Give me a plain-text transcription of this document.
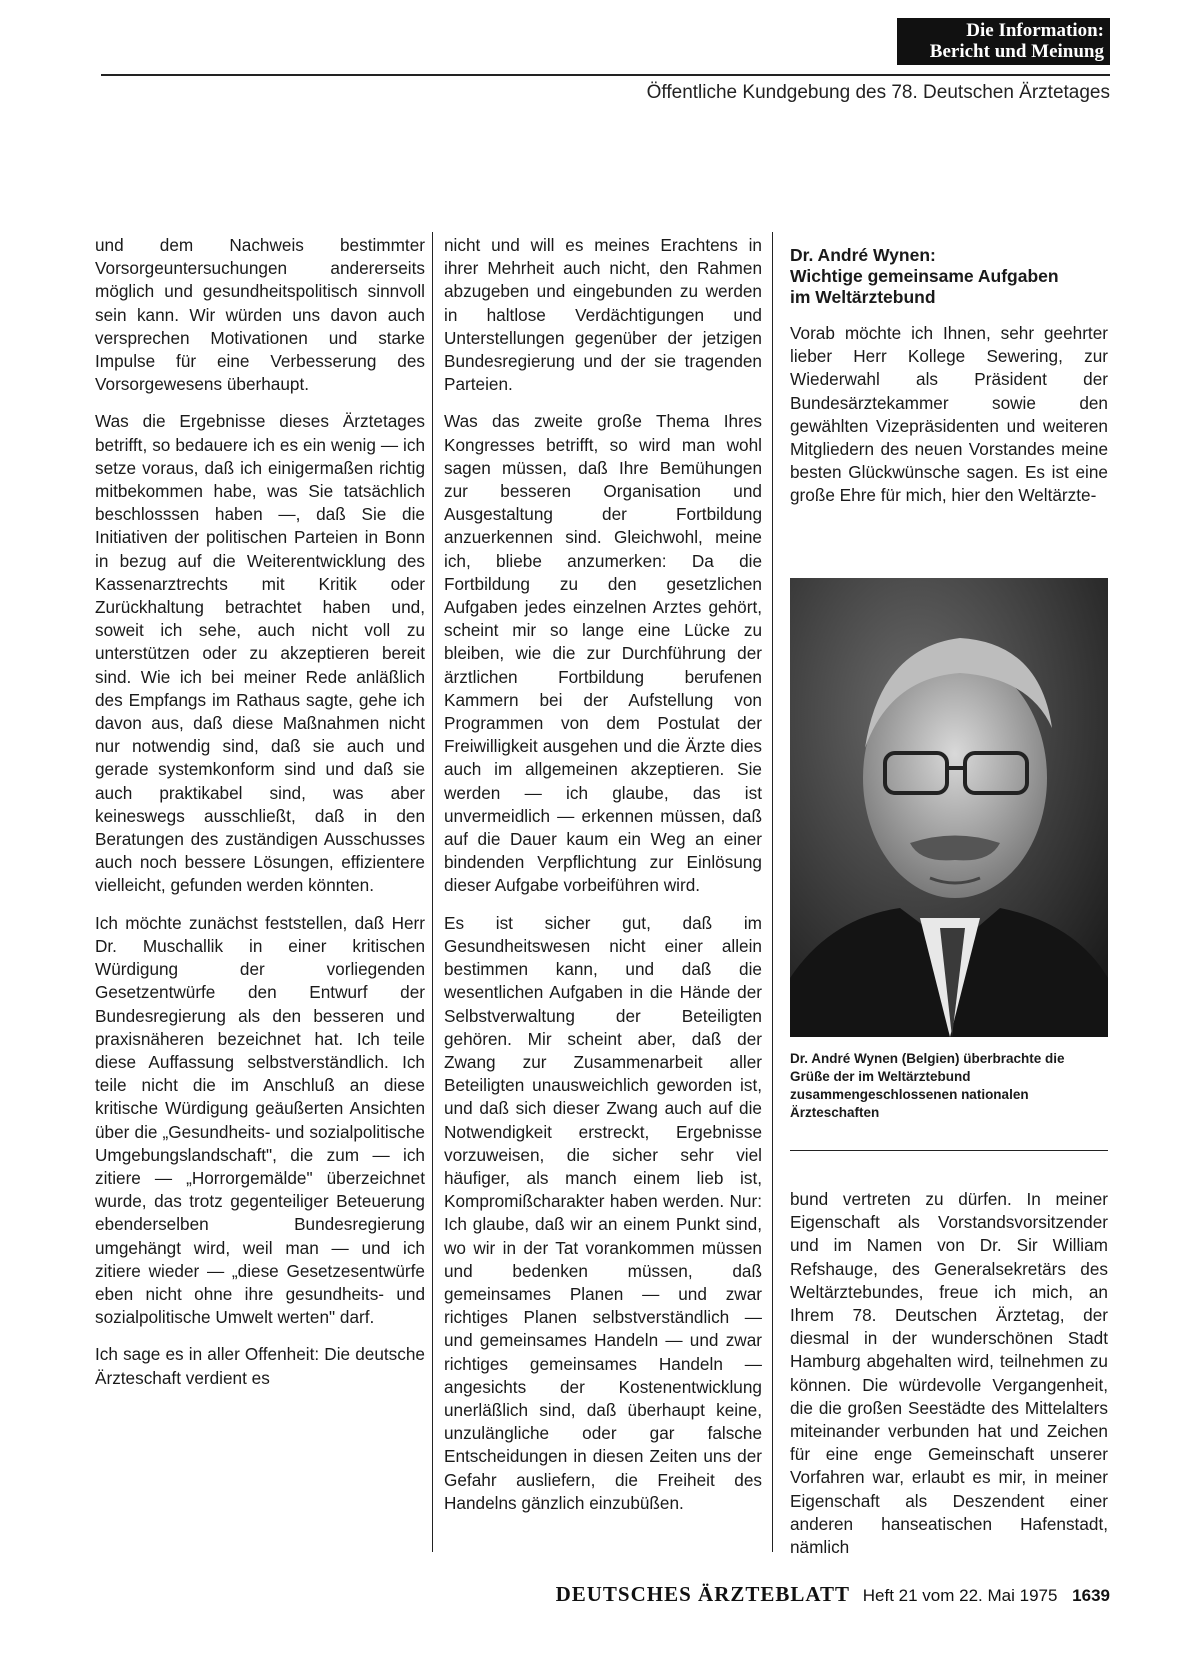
Die Information:
Bericht und Meinung
Öffentliche Kundgebung des 78. Deutschen Ärztetages

und dem Nachweis bestimmter Vorsorgeuntersuchungen andererseits möglich und gesundheitspolitisch sinnvoll sein kann. Wir würden uns davon auch versprechen Motivationen und starke Impulse für eine Verbesserung des Vorsorgewesens überhaupt.

Was die Ergebnisse dieses Ärztetages betrifft, so bedauere ich es ein wenig — ich setze voraus, daß ich einigermaßen richtig mitbekommen habe, was Sie tatsächlich beschlosssen haben —, daß Sie die Initiativen der politischen Parteien in Bonn in bezug auf die Weiterentwicklung des Kassenarztrechts mit Kritik oder Zurückhaltung betrachtet haben und, soweit ich sehe, auch nicht voll zu unterstützen oder zu akzeptieren bereit sind. Wie ich bei meiner Rede anläßlich des Empfangs im Rathaus sagte, gehe ich davon aus, daß diese Maßnahmen nicht nur notwendig sind, daß sie auch und gerade systemkonform sind und daß sie auch praktikabel sind, was aber keineswegs ausschließt, daß in den Beratungen des zuständigen Ausschusses auch noch bessere Lösungen, effizientere vielleicht, gefunden werden könnten.

Ich möchte zunächst feststellen, daß Herr Dr. Muschallik in einer kritischen Würdigung der vorliegenden Gesetzentwürfe den Entwurf der Bundesregierung als den besseren und praxisnäheren bezeichnet hat. Ich teile diese Auffassung selbstverständlich. Ich teile nicht die im Anschluß an diese kritische Würdigung geäußerten Ansichten über die „Gesundheits- und sozialpolitische Umgebungslandschaft", die zum — ich zitiere — „Horrorgemälde" überzeichnet wurde, das trotz gegenteiliger Beteuerung ebenderselben Bundesregierung umgehängt wird, weil man — und ich zitiere wieder — „diese Gesetzesentwürfe eben nicht ohne ihre gesundheits- und sozialpolitische Umwelt werten" darf.

Ich sage es in aller Offenheit: Die deutsche Ärzteschaft verdient es

nicht und will es meines Erachtens in ihrer Mehrheit auch nicht, den Rahmen abzugeben und eingebunden zu werden in haltlose Verdächtigungen und Unterstellungen gegenüber der jetzigen Bundesregierung und der sie tragenden Parteien.

Was das zweite große Thema Ihres Kongresses betrifft, so wird man wohl sagen müssen, daß Ihre Bemühungen zur besseren Organisation und Ausgestaltung der Fortbildung anzuerkennen sind. Gleichwohl, meine ich, bliebe anzumerken: Da die Fortbildung zu den gesetzlichen Aufgaben jedes einzelnen Arztes gehört, scheint mir so lange eine Lücke zu bleiben, wie die zur Durchführung der ärztlichen Fortbildung berufenen Kammern bei der Aufstellung von Programmen von dem Postulat der Freiwilligkeit ausgehen und die Ärzte dies auch im allgemeinen akzeptieren. Sie werden — ich glaube, das ist unvermeidlich — erkennen müssen, daß auf die Dauer kaum ein Weg an einer bindenden Verpflichtung zur Einlösung dieser Aufgabe vorbeiführen wird.

Es ist sicher gut, daß im Gesundheitswesen nicht einer allein bestimmen kann, und daß die wesentlichen Aufgaben in die Hände der Selbstverwaltung der Beteiligten gehören. Mir scheint aber, daß der Zwang zur Zusammenarbeit aller Beteiligten unausweichlich geworden ist, und daß sich dieser Zwang auch auf die Notwendigkeit erstreckt, Ergebnisse vorzuweisen, die sicher sehr viel häufiger, als manch einem lieb ist, Kompromißcharakter haben werden. Nur: Ich glaube, daß wir an einem Punkt sind, wo wir in der Tat vorankommen müssen und bedenken müssen, daß gemeinsames Planen — und zwar richtiges Planen selbstverständlich — und gemeinsames Handeln — und zwar richtiges gemeinsames Handeln — angesichts der Kostenentwicklung unerläßlich sind, daß überhaupt keine, unzulängliche oder gar falsche Entscheidungen in diesen Zeiten uns der Gefahr ausliefern, die Freiheit des Handelns gänzlich einzubüßen.

Dr. André Wynen:
Wichtige gemeinsame Aufgaben
im Weltärztebund

Vorab möchte ich Ihnen, sehr geehrter lieber Herr Kollege Sewering, zur Wiederwahl als Präsident der Bundesärztekammer sowie den gewählten Vizepräsidenten und weiteren Mitgliedern des neuen Vorstandes meine besten Glückwünsche sagen. Es ist eine große Ehre für mich, hier den Weltärzte-

Dr. André Wynen (Belgien) überbrachte die Grüße der im Weltärztebund zusammengeschlossenen nationalen Ärzteschaften

bund vertreten zu dürfen. In meiner Eigenschaft als Vorstandsvorsitzender und im Namen von Dr. Sir William Refshauge, des Generalsekretärs des Weltärztebundes, freue ich mich, an Ihrem 78. Deutschen Ärztetag, der diesmal in der wunderschönen Stadt Hamburg abgehalten wird, teilnehmen zu können. Die würdevolle Vergangenheit, die die großen Seestädte des Mittelalters miteinander verbunden hat und Zeichen für eine enge Gemeinschaft unserer Vorfahren war, erlaubt es mir, in meiner Eigenschaft als Deszendent einer anderen hanseatischen Hafenstadt, nämlich

DEUTSCHES ÄRZTEBLATT Heft 21 vom 22. Mai 1975 1639
